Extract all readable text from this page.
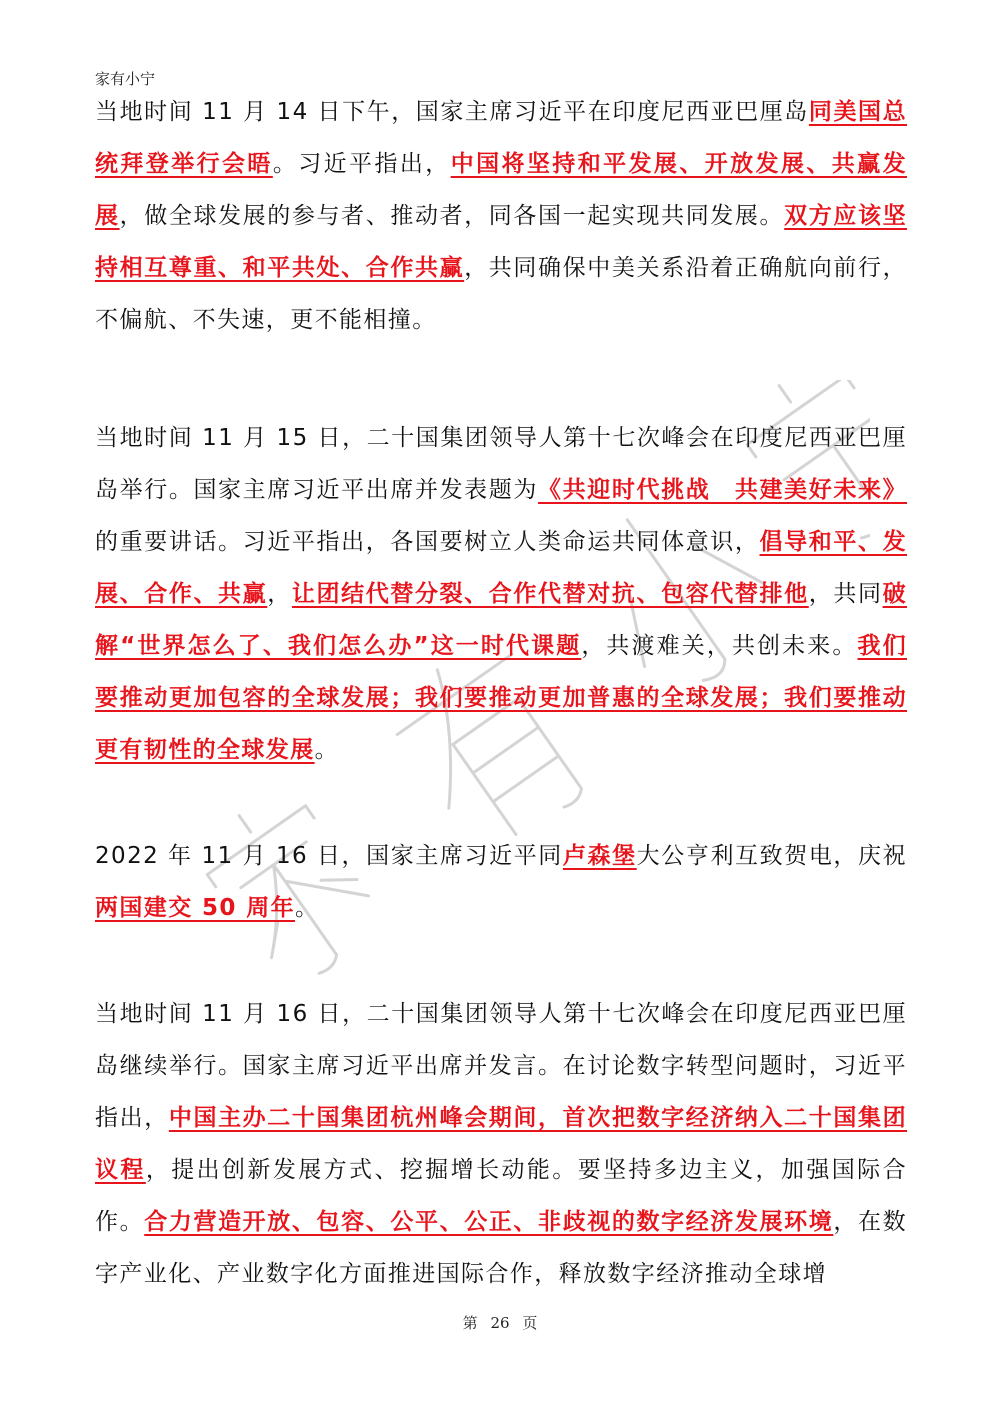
家有小宁

当地时间 11 月 14 日下午，国家主席习近平在印度尼西亚巴厘岛同美国总统拜登举行会晤。习近平指出，中国将坚持和平发展、开放发展、共赢发展，做全球发展的参与者、推动者，同各国一起实现共同发展。双方应该坚持相互尊重、和平共处、合作共赢，共同确保中美关系沿着正确航向前行，不偏航、不失速，更不能相撞。

当地时间 11 月 15 日，二十国集团领导人第十七次峰会在印度尼西亚巴厘岛举行。国家主席习近平出席并发表题为《共迎时代挑战　共建美好未来》的重要讲话。习近平指出，各国要树立人类命运共同体意识，倡导和平、发展、合作、共赢，让团结代替分裂、合作代替对抗、包容代替排他，共同破解“世界怎么了、我们怎么办”这一时代课题，共渡难关，共创未来。我们要推动更加包容的全球发展；我们要推动更加普惠的全球发展；我们要推动更有韧性的全球发展。

2022 年 11 月 16 日，国家主席习近平同卢森堡大公亨利互致贺电，庆祝两国建交 50 周年。

当地时间 11 月 16 日，二十国集团领导人第十七次峰会在印度尼西亚巴厘岛继续举行。国家主席习近平出席并发言。在讨论数字转型问题时，习近平指出，中国主办二十国集团杭州峰会期间，首次把数字经济纳入二十国集团议程，提出创新发展方式、挖掘增长动能。要坚持多边主义，加强国际合作。合力营造开放、包容、公平、公正、非歧视的数字经济发展环境，在数字产业化、产业数字化方面推进国际合作，释放数字经济推动全球增

第 26 页
